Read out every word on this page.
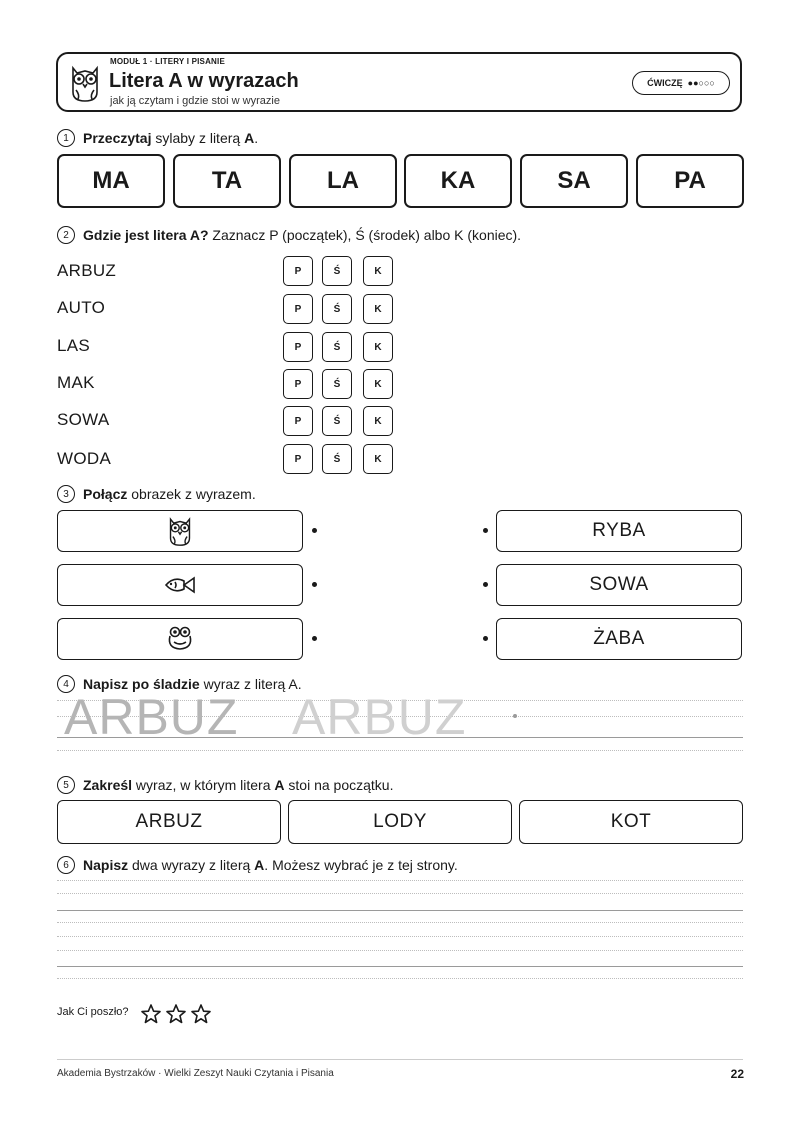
MODUŁ 1 · LITERY I PISANIE
Litera A w wyrazach
jak ją czytam i gdzie stoi w wyrazie
ĆWICZĘ ●●○○○
1	Przeczytaj sylaby z literą A.
MA	TA	LA	KA	SA	PA
2	Gdzie jest litera A? Zaznacz P (początek), Ś (środek) albo K (koniec).
ARBUZ	P	Ś	K
AUTO	P	Ś	K
LAS	P	Ś	K
MAK	P	Ś	K
SOWA	P	Ś	K
WODA	P	Ś	K
3	Połącz obrazek z wyrazem.
RYBA
SOWA
ŻABA
4	Napisz po śladzie wyraz z literą A.
ARBUZ ARBUZ
5	Zakreśl wyraz, w którym litera A stoi na początku.
ARBUZ	LODY	KOT
6	Napisz dwa wyrazy z literą A. Możesz wybrać je z tej strony.
Jak Ci poszło?
Akademia Bystrzaków · Wielki Zeszyt Nauki Czytania i Pisania	22
